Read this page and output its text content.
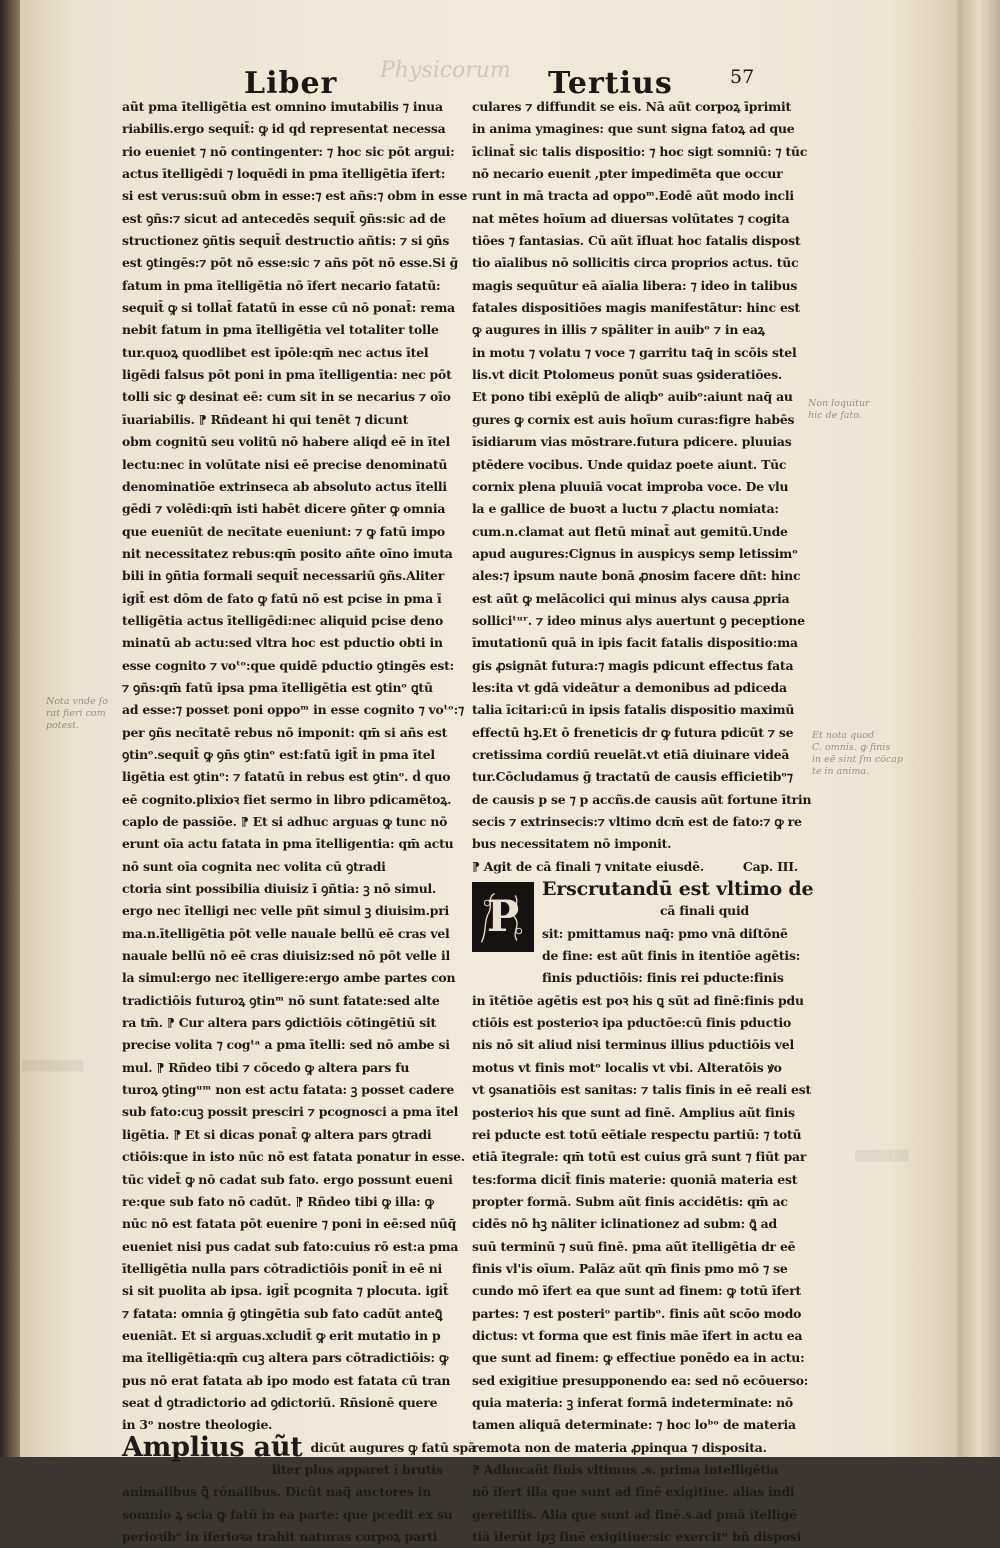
Physicorum
▒▒▒▒▒▒▒▒
▒▒▒▒▒▒▒
Liber	Tertius	57
aũt pma ītelligētia est omnino imutabilis ⁊ inua
riabilis.ergo sequit̄: ꝙ id qḋ representat necessa
rio eueniet ⁊ nō contingenter: ⁊ hoc sic pōt argui:
actus ītelligēdi ⁊ loquēdi in pma ītelligētia īfert:
si est verus:suū obm in esse:⁊ est añs:⁊ obm in esse
est ꝯñs:⁊ sicut ad antecedēs sequit̄ ꝯñs:sic ad de
structionez ꝯñtis sequit̄ destructio añtis: ⁊ si ꝯñs
est ꝯtingēs:⁊ pōt nō esse:sic ⁊ añs pōt nō esse.Si ḡ
fatum in pma ītelligētia nō īfert necario fatatū:
sequit̄ ꝙ si tollat̄ fatatū in esse cū nō ponat̄: rema
nebit fatum in pma ītelligētia vel totaliter tolle
tur.quoꝝ quodlibet est īpōle:qm̄ nec actus ītel
ligēdi falsus pōt poni in pma ītelligentia: nec pōt
tolli sic ꝙ desinat eē: cum sit in se necarius ⁊ oīo
īuariabilis. ⁋ Rñdeant hi qui tenēt ⁊ dicunt
obm cognitū seu volitū nō habere aliqḋ eē in ītel
lectu:nec in volūtate nisi eē precise denominatū
denominatiōe extrinseca ab absoluto actus ītelli
gēdi ⁊ volēdi:qm̄ isti habēt dicere ꝯñter ꝙ omnia
que eueniūt de necītate eueniunt: ⁊ ꝙ fatū impo
nit necessitatez rebus:qm̄ posito añte oīno imuta
bili in ꝯñtia formali sequit̄ necessariū ꝯñs.Aliter
igit̄ est dōm de fato ꝙ fatū nō est pcise in pma ī
telligētia actus ītelligēdi:nec aliquid pcise deno
minatū ab actu:sed vltra hoc est pductio obti in
esse cognito ⁊ voᵗᵒ:que quidē pductio ꝯtingēs est:
⁊ ꝯñs:qm̄ fatū ipsa pma ītelligētia est ꝯtinᵒ ꝗtū
ad esse:⁊ posset poni oppoᵐ in esse cognito ⁊ voᵗᵒ:⁊
per ꝯñs necītatē rebus nō imponit: qm̄ si añs est
ꝯtinᵒ.sequit̄ ꝙ ꝯñs ꝯtinᵒ est:fatū igit̄ in pma ītel
ligētia est ꝯtinᵒ: ⁊ fatatū in rebus est ꝯtinᵒ. ḋ quo
eē cognito.plixioꝛ fiet sermo in libro pdicamētoꝝ.
caplo de passiōe. ⁋ Et si adhuc arguas ꝙ tunc nō
erunt oīa actu fatata in pma ītelligentia: qm̄ actu
nō sunt oīa cognita nec volita cū ꝯtradi
ctoria sint possibilia diuisiz ī ꝯñtia: ꝫ nō simul.
ergo nec ītelligi nec velle pñt simul ꝫ diuisim.pri
ma.n.ītelligētia pōt velle nauale bellū eē cras vel
nauale bellū nō eē cras diuisiz:sed nō pōt velle il
la simul:ergo nec ītelligere:ergo ambe partes con
tradictiōis futuroꝝ ꝯtinᵐ nō sunt fatate:sed alte
ra tm̄. ⁋ Cur altera pars ꝯdictiōis cōtingētiū sit
precise volita ⁊ cogᵗᵃ a pma ītelli: sed nō ambe si
mul. ⁋ Rñdeo tibi ⁊ cōcedo ꝙ altera pars fu
turoꝝ ꝯtingᵘᵐ non est actu fatata: ꝫ posset cadere
sub fato:cuꝫ possit presciri ⁊ pcognosci a pma ītel
ligētia. ⁋ Et si dicas ponat̄ ꝙ altera pars ꝯtradi
ctiōis:que in isto nūc nō est fatata ponatur in esse.
tūc videt̄ ꝙ nō cadat sub fato. ergo possunt eueni
re:que sub fato nō cadūt. ⁋ Rñdeo tibi ꝙ illa: ꝙ
nūc nō est fatata pōt euenire ⁊ poni in eē:sed nūq̄
eueniet nisi pus cadat sub fato:cuius rō est:a pma
ītelligētia nulla pars cōtradictiōis ponit̄ in eē ni
si sit puolita ab ipsa. igit̄ pcognita ⁊ plocuta. igit̄
⁊ fatata: omnia ḡ ꝯtingētia sub fato cadūt anteꝗ̄
eueniāt. Et si arguas.xcludit̄ ꝙ erit mutatio in p
ma ītelligētia:qm̄ cuꝫ altera pars cōtradictiōis: ꝙ
pus nō erat fatata ab ipo modo est fatata cū tran
seat ḋ ꝯtradictorio ad ꝯdictoriū. Rñsionē quere
in 3ᵒ nostre theologie.
Amplius aũt $^{dicūt augures ꝙ fatū spā}$
liter plus apparet ī brutis
animalibus ꝗ̄ rōnalibus. Dicūt naq̄ auctores in
somnio ꝝ scia ꝙ fatū in ea parte: que pcedit ex su
perioꝛibᵒ in īferioꝛa trahit naturas corpoꝝ parti
culares ⁊ diffundit se eis. Nā aũt corpoꝝ īprimit
in anima ymagines: que sunt signa fatoꝝ ad que
īclinat̄ sic talis dispositio: ⁊ hoc sigt somniū: ⁊ tūc
nō necario euenit ,pter impedimēta que occur
runt in mā tracta ad oppoᵐ.Eodē aũt modo incli
nat mētes hoīum ad diuersas volūtates ⁊ cogita
tiōes ⁊ fantasias. Cū aũt īfluat hoc fatalis dispost
tio aīalibus nō sollicitis circa proprios actus. tūc
magis sequūtur eā aīalia libera: ⁊ ideo in talibus
fatales dispositiōes magis manifestātur: hinc est
ꝙ augures in illis ⁊ spāliter in auibᵒ ⁊ in eaꝝ
in motu ⁊ volatu ⁊ voce ⁊ garritu taq̄ in scōis stel
lis.vt dicit Ptolomeus ponūt suas ꝯsideratiōes.
Et pono tibi exēplū de aliqbᵒ auibᵒ:aiunt naq̄ au
gures ꝙ cornix est auis hoīum curas:figre habēs
īsidiarum vias mōstrare.futura pdicere. pluuias
ptēdere vocibus. Unde quidaz poete aiunt. Tūc
cornix plena pluuiā vocat improba voce. De vlu
la e gallice de buoꝛt a luctu ⁊ ꝓlactu nomiata:
cum.n.clamat aut fletū minat̄ aut gemitū.Unde
apud augures:Cignus in auspicys semp letissimᵒ
ales:⁊ ipsum naute bonā ꝓnosim facere dñt: hinc
est aũt ꝙ melācolici qui minus alys causa ꝓpria
solliciᵗᵘʳ. ⁊ ideo minus alys auertunt ꝯ peceptione
īmutationū quā in ipis facit fatalis dispositio:ma
gis ꝓsignāt futura:⁊ magis pdicunt effectus fata
les:ita vt gdā videātur a demonibus ad pdiceda
talia īcitari:cū in ipsis fatalis dispositio maximū
effectū hꝫ.Et ō freneticis dr ꝙ futura pdicūt ⁊ se
cretissima cordiū reuelāt.vt etiā diuinare videā
tur.Cōcludamus ḡ tractatū de causis efficietibᵒ⁊
de causis p se ⁊ p accñs.de causis aũt fortune ītrin
secis ⁊ extrinsecis:⁊ vltimo dcm̄ est de fato:⁊ ꝙ re
bus necessitatem nō imponit.
⁋ Agit de cā finali ⁊ vnitate eiusdē.	Cap. III.
P
Erscrutandū est vltimo de
cā finali quid
sit: pmittamus naq̄: pmo vnā diſtōnē
de fine: est aũt finis in itentiōe agētis:
finis pductiōis: finis rei pducte:finis
in ītētiōe agētis est poꝛ his ꝗ sūt ad finē:finis pdu
ctiōis est posterioꝛ ipa pductōe:cū finis pductio
nis nō sit aliud nisi terminus illius pductiōis vel
motus vt finis motᵒ localis vt vbi. Alteratōis ꝟo
vt ꝯsanatiōis est sanitas: ⁊ talis finis in eē reali est
posterioꝛ his que sunt ad finē. Amplius aũt finis
rei pducte est totū eētiale respectu partiū: ⁊ totū
etiā ītegrale: qm̄ totū est cuius grā sunt ⁊ fiūt par
tes:forma dicit̄ finis materie: quoniā materia est
propter formā. Subm aũt finis accidētis: qm̄ ac
cidēs nō hꝫ nāliter iclinationez ad subm: ꝗ̄ ad
suū terminū ⁊ suū finē. pma aũt ītelligētia dr eē
finis vl'is oīum. Palāz aũt qm̄ finis pmo mō ⁊ se
cundo mō īfert ea que sunt ad finem: ꝙ totū īfert
partes: ⁊ est posteriᵒ partibᵒ. finis aũt scōo modo
dictus: vt forma que est finis māe īfert in actu ea
que sunt ad finem: ꝙ effectiue ponēdo ea in actu:
sed exigitiue presupponendo ea: sed nō ecōuerso:
quia materia: ꝫ inferat formā indeterminate: nō
tamen aliquā determinate: ⁊ hoc loᵇᵒ de materia
remota non de materia ꝓpinqua ⁊ disposita.
⁋ Adhucaũt finis vltimus .s. prima intelligētia
nō īfert illa que sunt ad finē exigitiue. alias indi
geretillis. Alia que sunt ad finē.s.ad pmā ītelligē
tiā īferūt ipꝫ finē exigitiue:sic exercitᵘ bñ disposi
Nota vnde ſo
rat fieri com
potest.
Non loquitur
hic de fato.
Et nota quod
C. omnis. ꝙ finis
in eē sint ſm cōcap
te in anima.
